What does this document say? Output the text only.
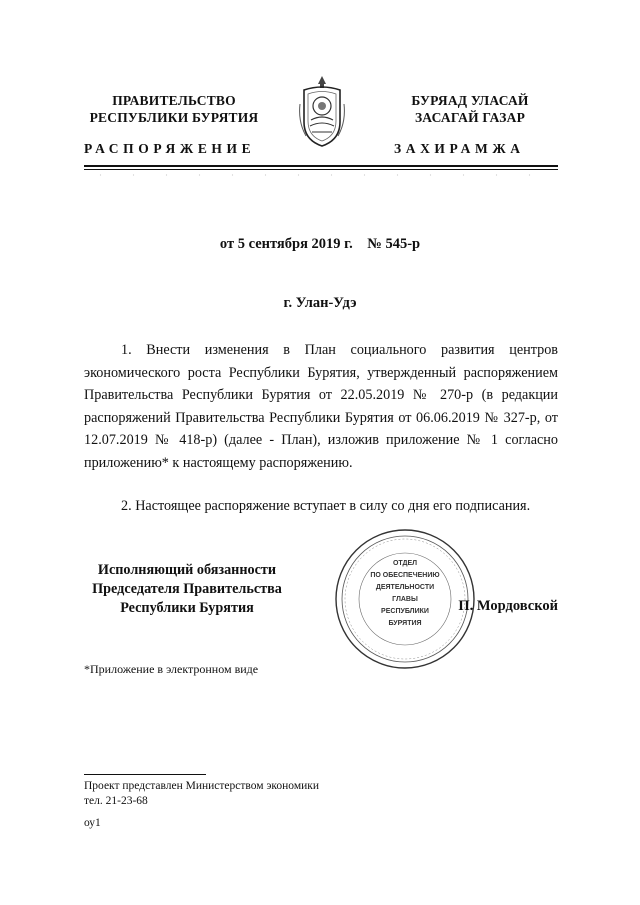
ПРАВИТЕЛЬСТВО
РЕСПУБЛИКИ БУРЯТИЯ
РАСПОРЯЖЕНИЕ
БУРЯАД УЛАСАЙ
ЗАСАГАЙ ГАЗАР
ЗАХИРАМЖА
от 5 сентября 2019 г.    № 545-р
г. Улан-Удэ
1. Внести изменения в План социального развития центров экономического роста Республики Бурятия, утвержденный распоряжением Правительства Республики Бурятия от 22.05.2019 № 270-р (в редакции распоряжений Правительства Республики Бурятия от 06.06.2019 № 327-р, от 12.07.2019 № 418-р) (далее - План), изложив приложение № 1 согласно приложению* к настоящему распоряжению.
2. Настоящее распоряжение вступает в силу со дня его подписания.
Исполняющий обязанности
Председателя Правительства
Республики Бурятия
ОТДЕЛ
ПО ОБЕСПЕЧЕНИЮ
ДЕЯТЕЛЬНОСТИ
ГЛАВЫ
РЕСПУБЛИКИ
БУРЯТИЯ
П. Мордовской
*Приложение в электронном виде
Проект представлен Министерством экономики
тел. 21-23-68
оу1
